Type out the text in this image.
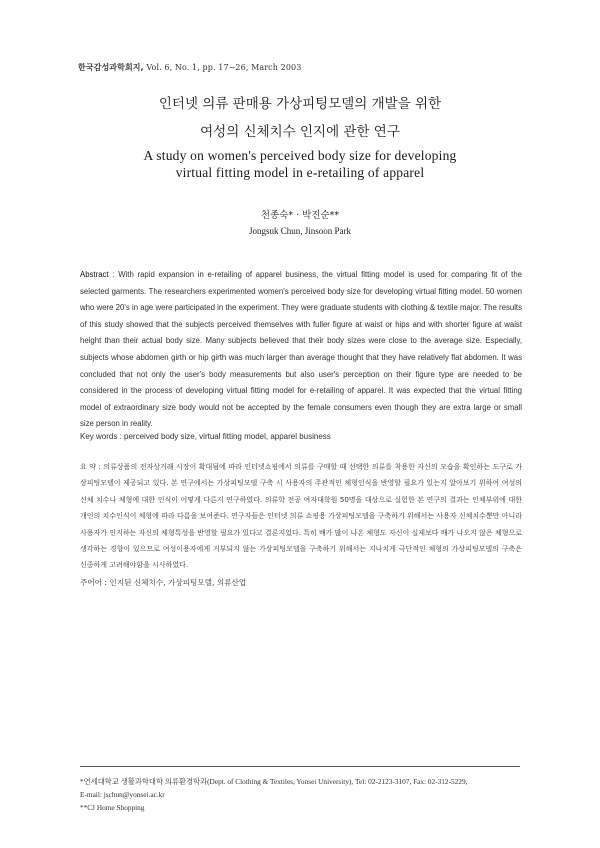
한국감성과학회지, Vol. 6, No. 1, pp. 17−26, March 2003
인터넷 의류 판매용 가상피팅모델의 개발을 위한
여성의 신체치수 인지에 관한 연구
A study on women's perceived body size for developing
virtual fitting model in e-retailing of apparel
천종숙* · 박진순**
Jongsuk Chun, Jinsoon Park
Abstract : With rapid expansion in e-retailing of apparel business, the virtual fitting model is used for comparing fit of the selected garments. The researchers experimented women's perceived body size for developing virtual fitting model. 50 women who were 20's in age were participated in the experiment. They were graduate students with clothing & textile major. The results of this study showed that the subjects perceived themselves with fuller figure at waist or hips and with shorter figure at waist height than their actual body size. Many subjects believed that their body sizes were close to the average size. Especially, subjects whose abdomen girth or hip girth was much larger than average thought that they have relatively flat abdomen. It was concluded that not only the user's body measurements but also user's perception on their figure type are needed to be considered in the process of developing virtual fitting model for e-retailing of apparel. It was expected that the virtual fitting model of extraordinary size body would not be accepted by the female consumers even though they are extra large or small size person in reality.
Key words : perceived body size, virtual fitting model, apparel business
요 약 : 의류상품의 전자상거래 시장이 확대됨에 따라 인터넷쇼핑에서 의류를 구매할 때 선택한 의류를 착용한 자신의 모습을 확인하는 도구로 가상피팅모델이 제공되고 있다. 본 연구에서는 가상피팅모델 구축 시 사용자의 주관적인 체형인식을 반영할 필요가 있는지 알아보기 위하여 여성의 신체 치수나 체형에 대한 인식이 어떻게 다른지 연구하였다. 의류학 전공 여자대학원 50명을 대상으로 실험한 본 연구의 결과는 인체부위에 대한 개인의 치수인식이 체형에 따라 다름을 보여준다. 연구자들은 인터넷 의류 쇼핑용 가상피팅모델을 구축하기 위해서는 사용자 신체치수뿐만 아니라 사용자가 인지하는 자신의 체형특성을 반영할 필요가 있다고 결론지었다. 특히 배가 많이 나온 체형도 자신이 실제보다 배가 나오지 않은 체형으로 생각하는 경향이 있으므로 여성이용자에게 거부되지 않는 가상피팅모델을 구축하기 위해서는 지나치게 극단적인 체형의 가상피팅모델의 구축은 신중하게 고려해야함을 시사하였다.
주어어 : 인지된 신체치수, 가상피팅모델, 의류산업
*연세대학교 생활과학대학 의류환경학과(Dept. of Clothing & Textiles, Yonsei University), Tel: 02-2123-3107, Fax: 02-312-5229,
E-mail: jschun@yonsei.ac.kr
**CJ Home Shopping
